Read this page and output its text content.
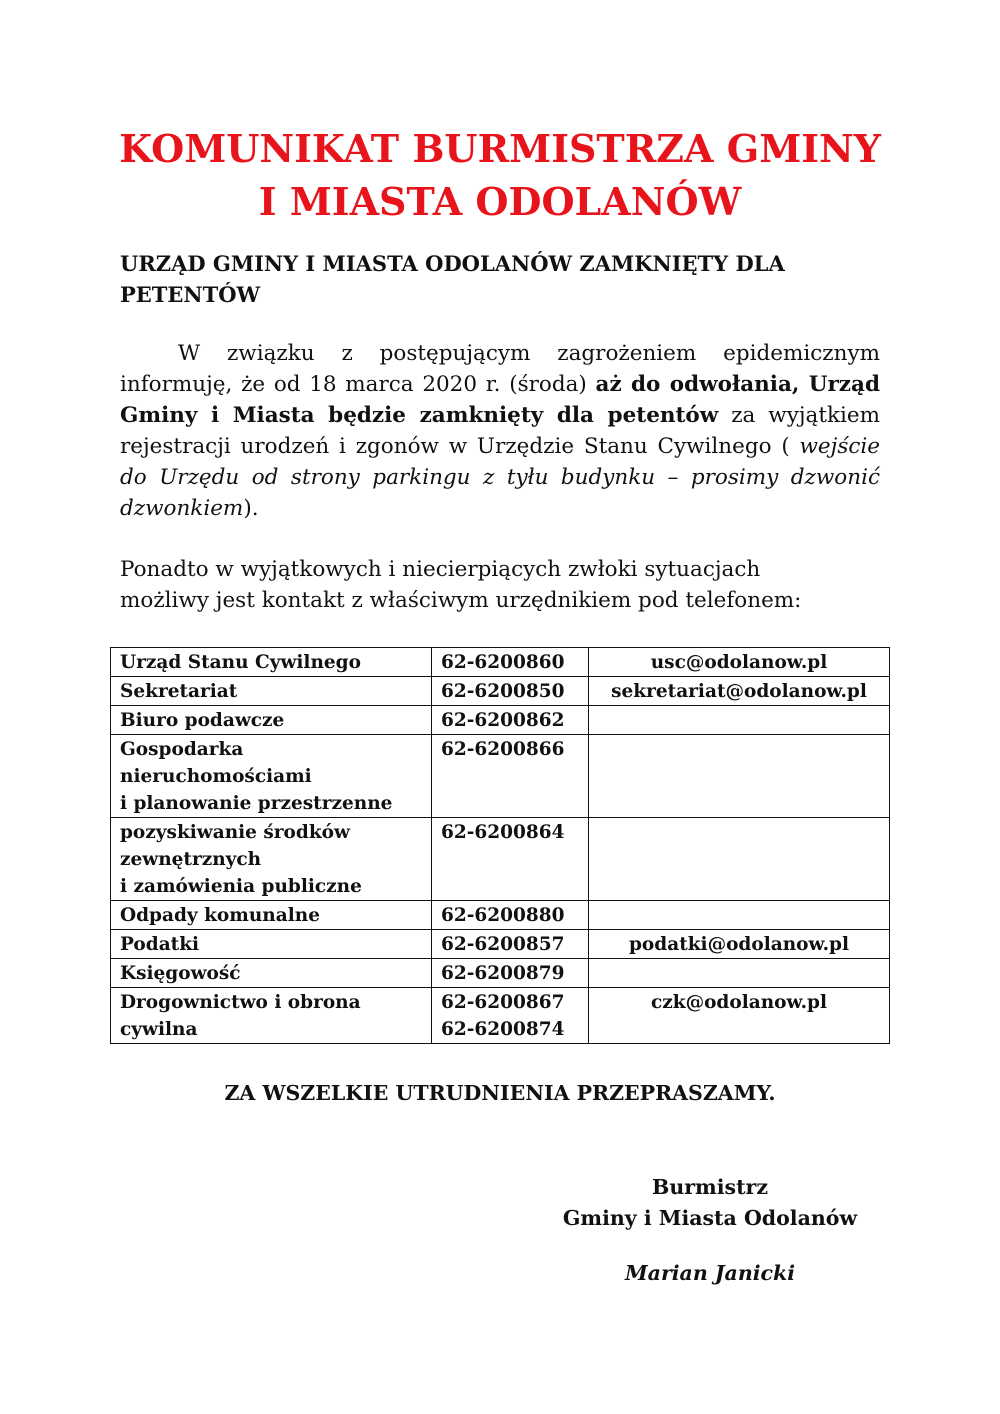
KOMUNIKAT BURMISTRZA GMINY
I MIASTA ODOLANÓW
URZĄD GMINY I MIASTA ODOLANÓW ZAMKNIĘTY DLA PETENTÓW

W związku z postępującym zagrożeniem epidemicznym informuję, że od 18 marca 2020 r. (środa) aż do odwołania, Urząd Gminy i Miasta będzie zamknięty dla petentów za wyjątkiem rejestracji urodzeń i zgonów w Urzędzie Stanu Cywilnego ( wejście do Urzędu od strony parkingu z tyłu budynku – prosimy dzwonić dzwonkiem).

Ponadto w wyjątkowych i niecierpiących zwłoki sytuacjach
możliwy jest kontakt z właściwym urzędnikiem pod telefonem:

Urząd Stanu Cywilnego	62-6200860	usc@odolanow.pl

Sekretariat	62-6200850	sekretariat@odolanow.pl

Biuro podawcze	62-6200862	

Gospodarka
nieruchomościami
i planowanie przestrzenne	62-6200866	

pozyskiwanie środków
zewnętrznych
i zamówienia publiczne	62-6200864	

Odpady komunalne	62-6200880	

Podatki	62-6200857	podatki@odolanow.pl

Księgowość	62-6200879	

Drogownictwo i obrona
cywilna	62-6200867
62-6200874	czk@odolanow.pl

ZA WSZELKIE UTRUDNIENIA PRZEPRASZAMY.

Burmistrz
Gminy i Miasta Odolanów
Marian Janicki
